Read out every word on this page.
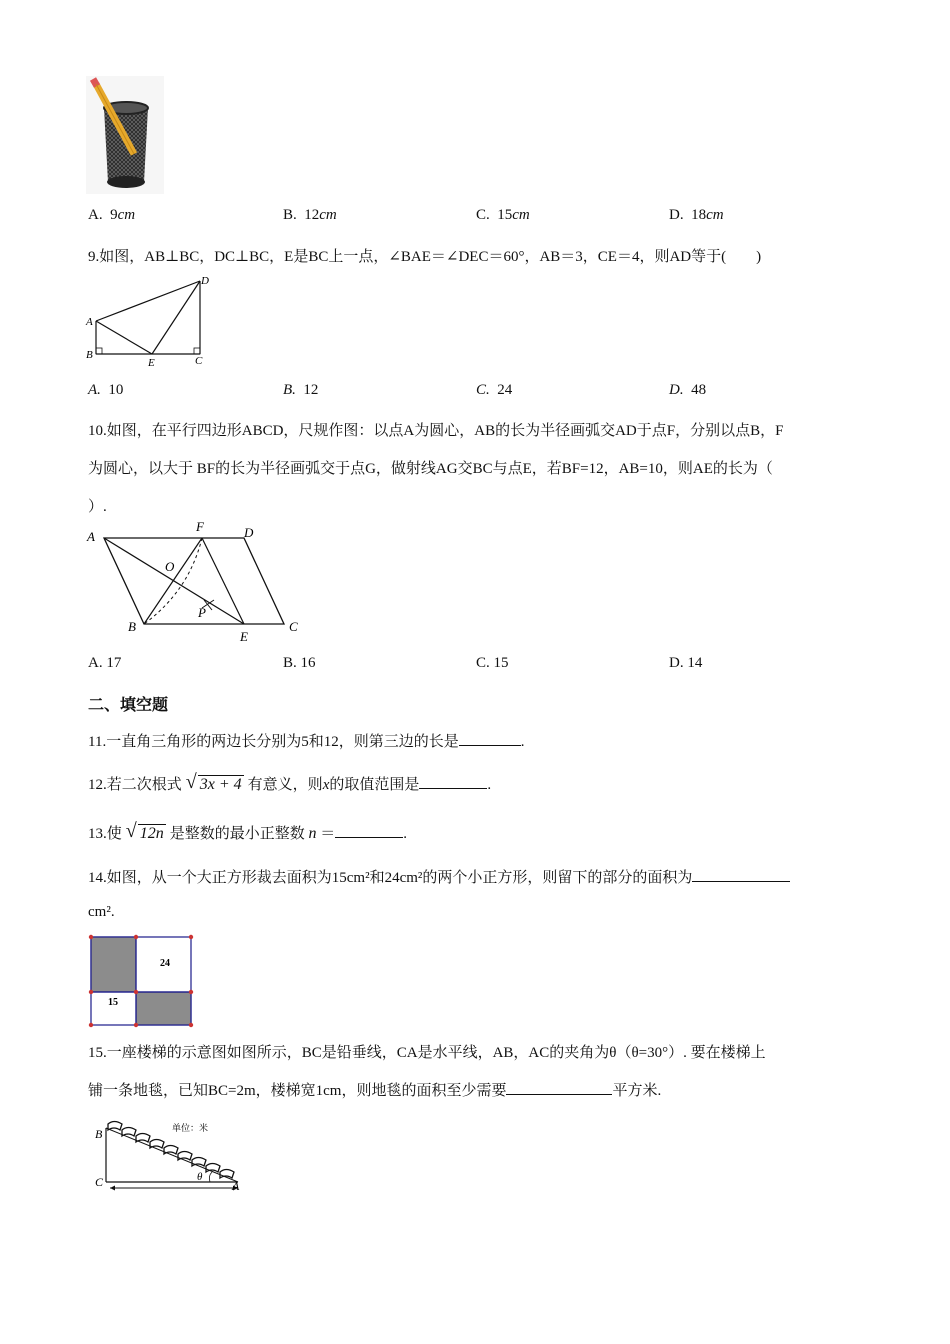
A. 9cm	B. 12cm	C. 15cm	D. 18cm
9.如图，AB⊥BC，DC⊥BC，E是BC上一点，∠BAE＝∠DEC＝60°，AB＝3，CE＝4，则AD等于(　　)
D
A
B
E	C
A. 10	B. 12	C. 24	D. 48
10.如图，在平行四边形ABCD，尺规作图：以点A为圆心，AB的长为半径画弧交AD于点F，分别以点B，F
为圆心，以大于 BF的长为半径画弧交于点G，做射线AG交BC与点E，若BF=12，AB=10，则AE的长为（
）.
A
F	D
O
P
B
E
C
A. 17	B. 16	C. 15	D. 14
二、填空题
11.一直角三角形的两边长分别为5和12，则第三边的长是	.
12.若二次根式 √ 3x + 4 有意义，则x的取值范围是	.
13.使 √ 12n 是整数的最小正整数 n ＝	.
14.如图，从一个大正方形裁去面积为15cm²和24cm²的两个小正方形，则留下的部分的面积为
cm².
24
15
15.一座楼梯的示意图如图所示，BC是铅垂线，CA是水平线，AB，AC的夹角为θ（θ=30°）. 要在楼梯上
铺一条地毯，已知BC=2m，楼梯宽1cm，则地毯的面积至少需要	平方米.
单位：米
B
C	A
θ
